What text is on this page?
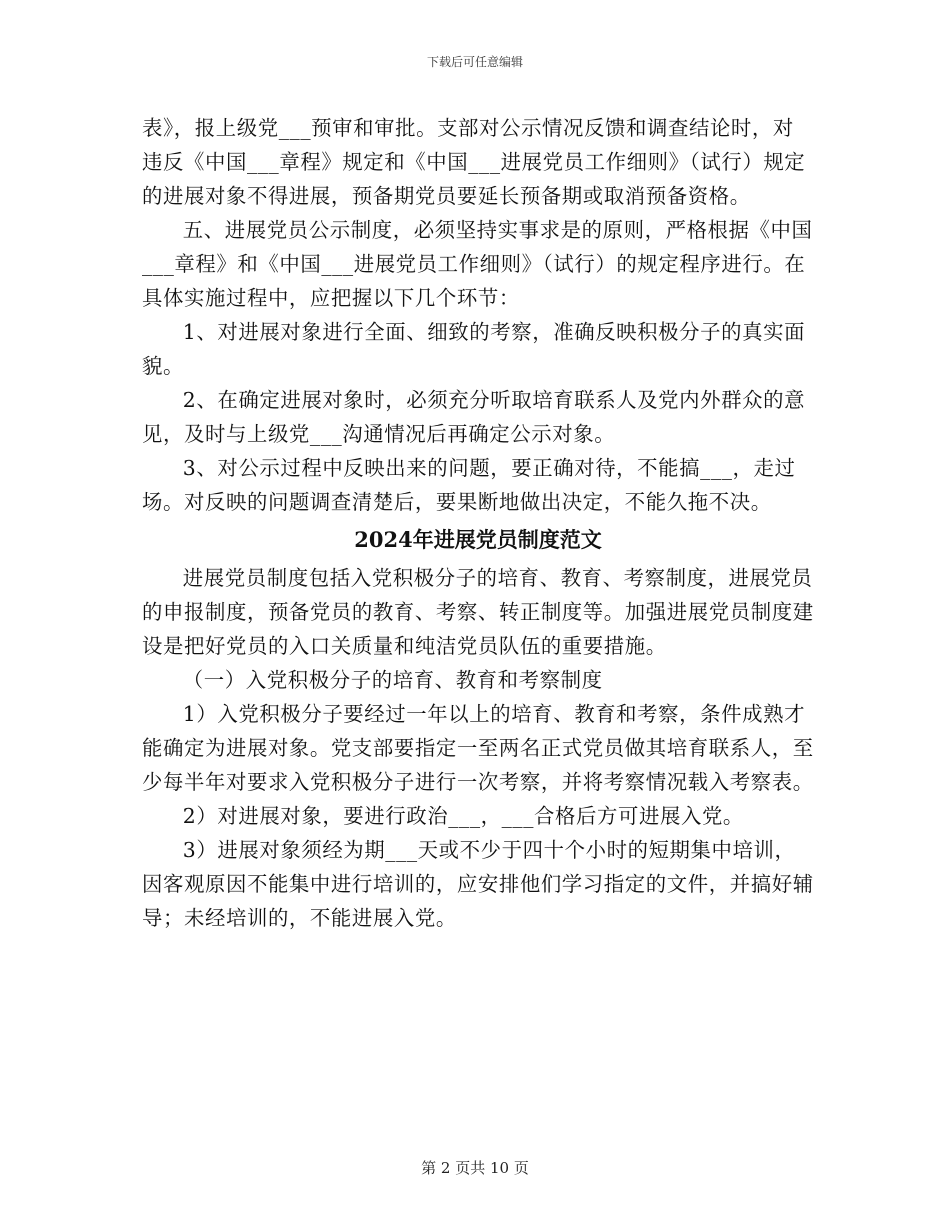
下载后可任意编辑

表》，报上级党___预审和审批。支部对公示情况反馈和调查结论时，对违反《中国___章程》规定和《中国___进展党员工作细则》（试行）规定的进展对象不得进展，预备期党员要延长预备期或取消预备资格。

五、进展党员公示制度，必须坚持实事求是的原则，严格根据《中国___章程》和《中国___进展党员工作细则》（试行）的规定程序进行。在具体实施过程中，应把握以下几个环节：

1、对进展对象进行全面、细致的考察，准确反映积极分子的真实面貌。

2、在确定进展对象时，必须充分听取培育联系人及党内外群众的意见，及时与上级党___沟通情况后再确定公示对象。

3、对公示过程中反映出来的问题，要正确对待，不能搞___，走过场。对反映的问题调查清楚后，要果断地做出决定，不能久拖不决。

2024年进展党员制度范文

进展党员制度包括入党积极分子的培育、教育、考察制度，进展党员的申报制度，预备党员的教育、考察、转正制度等。加强进展党员制度建设是把好党员的入口关质量和纯洁党员队伍的重要措施。

（一）入党积极分子的培育、教育和考察制度

1）入党积极分子要经过一年以上的培育、教育和考察，条件成熟才能确定为进展对象。党支部要指定一至两名正式党员做其培育联系人，至少每半年对要求入党积极分子进行一次考察，并将考察情况载入考察表。

2）对进展对象，要进行政治___，___合格后方可进展入党。

3）进展对象须经为期___天或不少于四十个小时的短期集中培训，因客观原因不能集中进行培训的，应安排他们学习指定的文件，并搞好辅导；未经培训的，不能进展入党。

第 2 页共 10 页
